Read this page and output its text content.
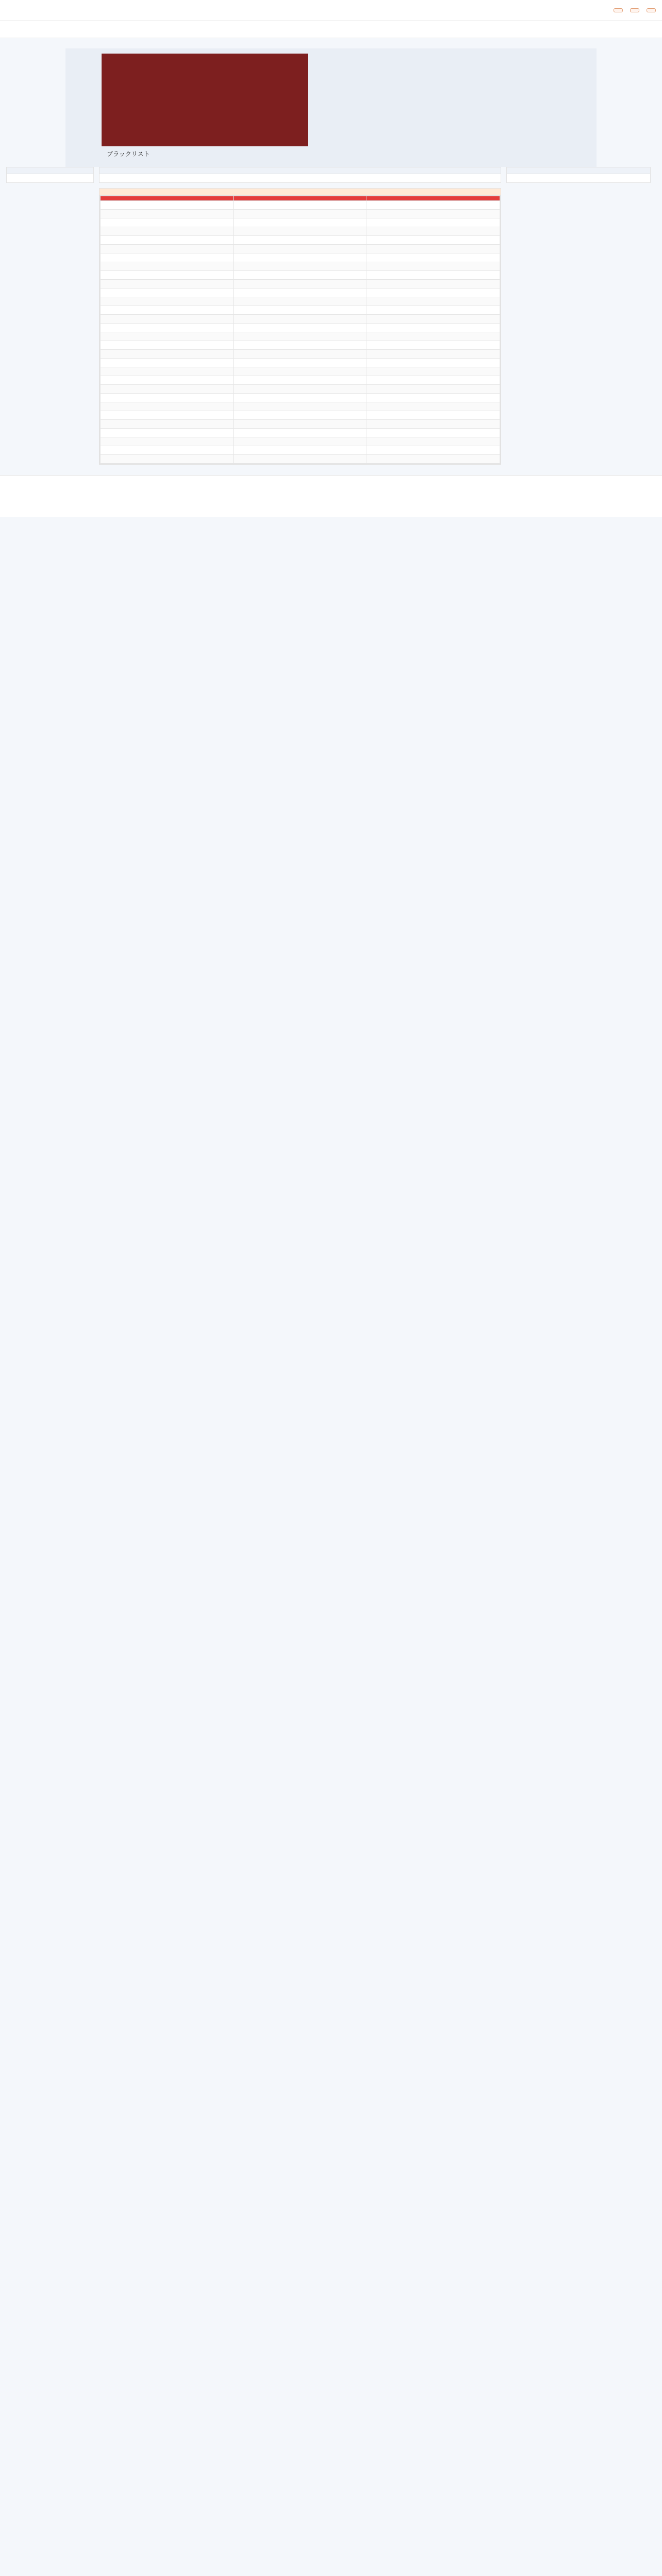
ブラックリスト
